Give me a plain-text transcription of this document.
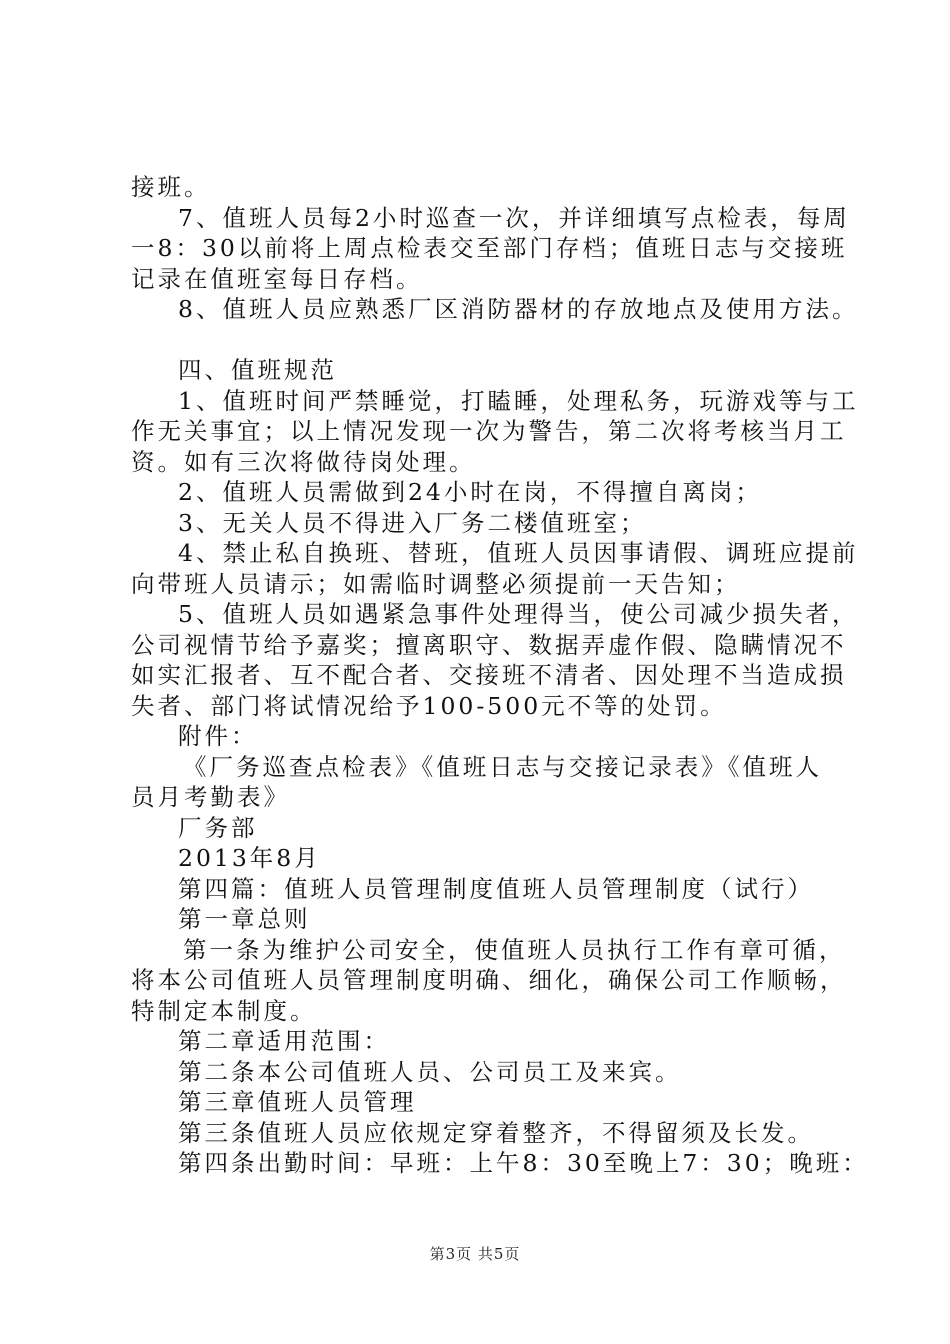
接班。
7、值班人员每2小时巡查一次，并详细填写点检表，每周
一8：30以前将上周点检表交至部门存档；值班日志与交接班
记录在值班室每日存档。
8、值班人员应熟悉厂区消防器材的存放地点及使用方法。
四、值班规范
1、值班时间严禁睡觉，打瞌睡，处理私务，玩游戏等与工
作无关事宜；以上情况发现一次为警告，第二次将考核当月工
资。如有三次将做待岗处理。
2、值班人员需做到24小时在岗，不得擅自离岗；
3、无关人员不得进入厂务二楼值班室；
4、禁止私自换班、替班，值班人员因事请假、调班应提前
向带班人员请示；如需临时调整必须提前一天告知；
5、值班人员如遇紧急事件处理得当，使公司减少损失者，
公司视情节给予嘉奖；擅离职守、数据弄虚作假、隐瞒情况不
如实汇报者、互不配合者、交接班不清者、因处理不当造成损
失者、部门将试情况给予100-500元不等的处罚。
附件：
《厂务巡查点检表》《值班日志与交接记录表》《值班人
员月考勤表》
厂务部
2013年8月
第四篇：值班人员管理制度值班人员管理制度（试行）
第一章总则
第一条为维护公司安全，使值班人员执行工作有章可循，
将本公司值班人员管理制度明确、细化，确保公司工作顺畅，
特制定本制度。
第二章适用范围：
第二条本公司值班人员、公司员工及来宾。
第三章值班人员管理
第三条值班人员应依规定穿着整齐，不得留须及长发。
第四条出勤时间：早班：上午8：30至晚上7：30；晚班：
第3页 共5页
